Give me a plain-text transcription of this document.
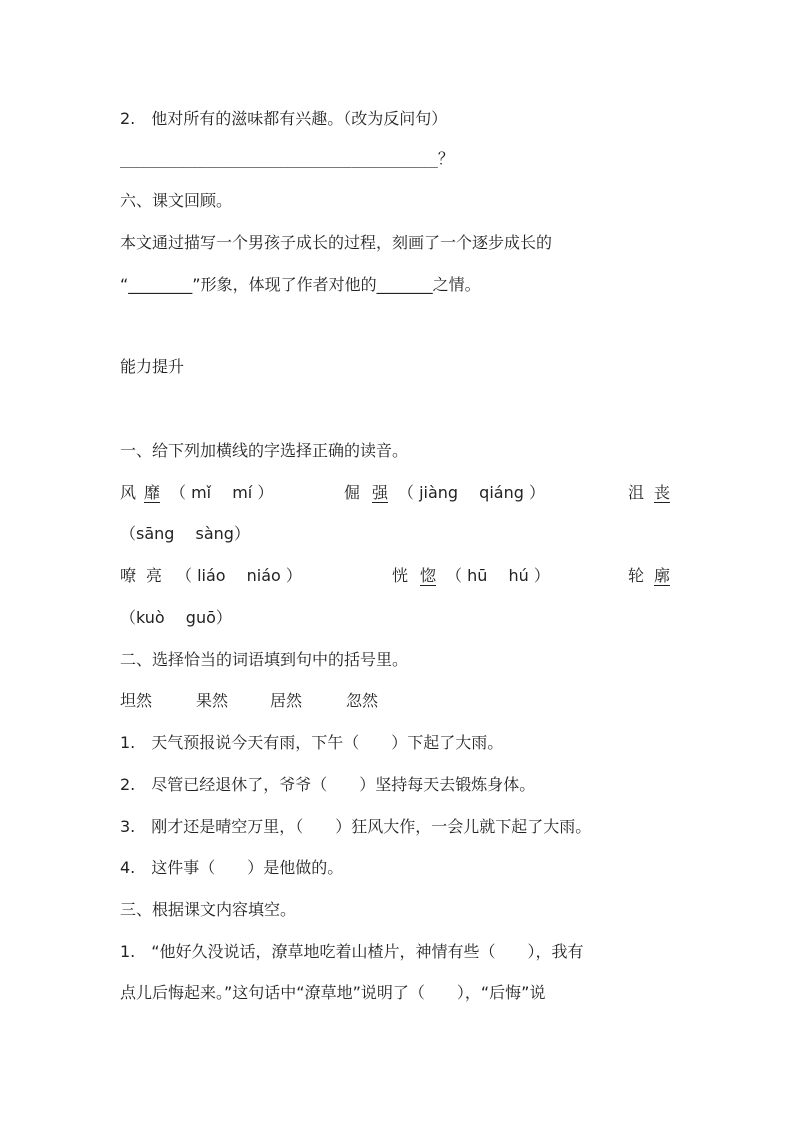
2.　他对所有的滋味都有兴趣。（改为反问句）
_________________________________？
六、课文回顾。
本文通过描写一个男孩子成长的过程，刻画了一个逐步成长的
“________”形象，体现了作者对他的_______之情。
能力提升
一、给下列加横线的字选择正确的读音。
风 靡 （ mǐ　 mí ）	倔 强 （ jiàng　 qiáng ）	沮 丧
（sāng　 sàng）
嘹 亮 （ liáo　 niáo ）	恍 惚 （ hū　 hú ）	轮 廓
（kuò　 guō）
二、选择恰当的词语填到句中的括号里。
坦然	果然	居然	忽然
1.　天气预报说今天有雨，下午（　　）下起了大雨。
2.　尽管已经退休了，爷爷（　　）坚持每天去锻炼身体。
3.　刚才还是晴空万里，（　　）狂风大作，一会儿就下起了大雨。
4.　这件事（　　）是他做的。
三、根据课文内容填空。
1.　“他好久没说话，潦草地吃着山楂片，神情有些（　　），我有
点儿后悔起来。”这句话中“潦草地”说明了（　　），“后悔”说
